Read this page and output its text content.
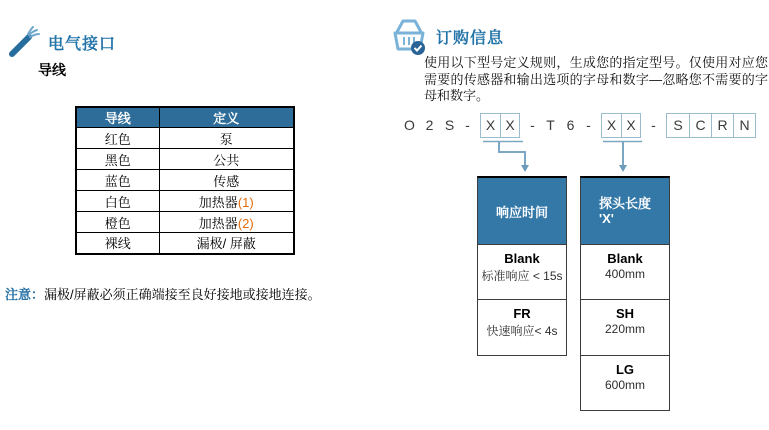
电气接口
导线
导线	定义
红色	泵
黑色	公共
蓝色	传感
白色	加热器(1)
橙色	加热器(2)
裸线	漏极/ 屏蔽
注意：漏极/屏蔽必须正确端接至良好接地或接地连接。
订购信息
使用以下型号定义规则，生成您的指定型号。仅使用对应您需要的传感器和输出选项的字母和数字—忽略您不需要的字母和数字。
O 2 S -	X X	- T 6 -	X X	-	S C R N
响应时间
Blank
标准响应 < 15s
FR
快速响应< 4s
探头长度
'X'
Blank
400mm
SH
220mm
LG
600mm
